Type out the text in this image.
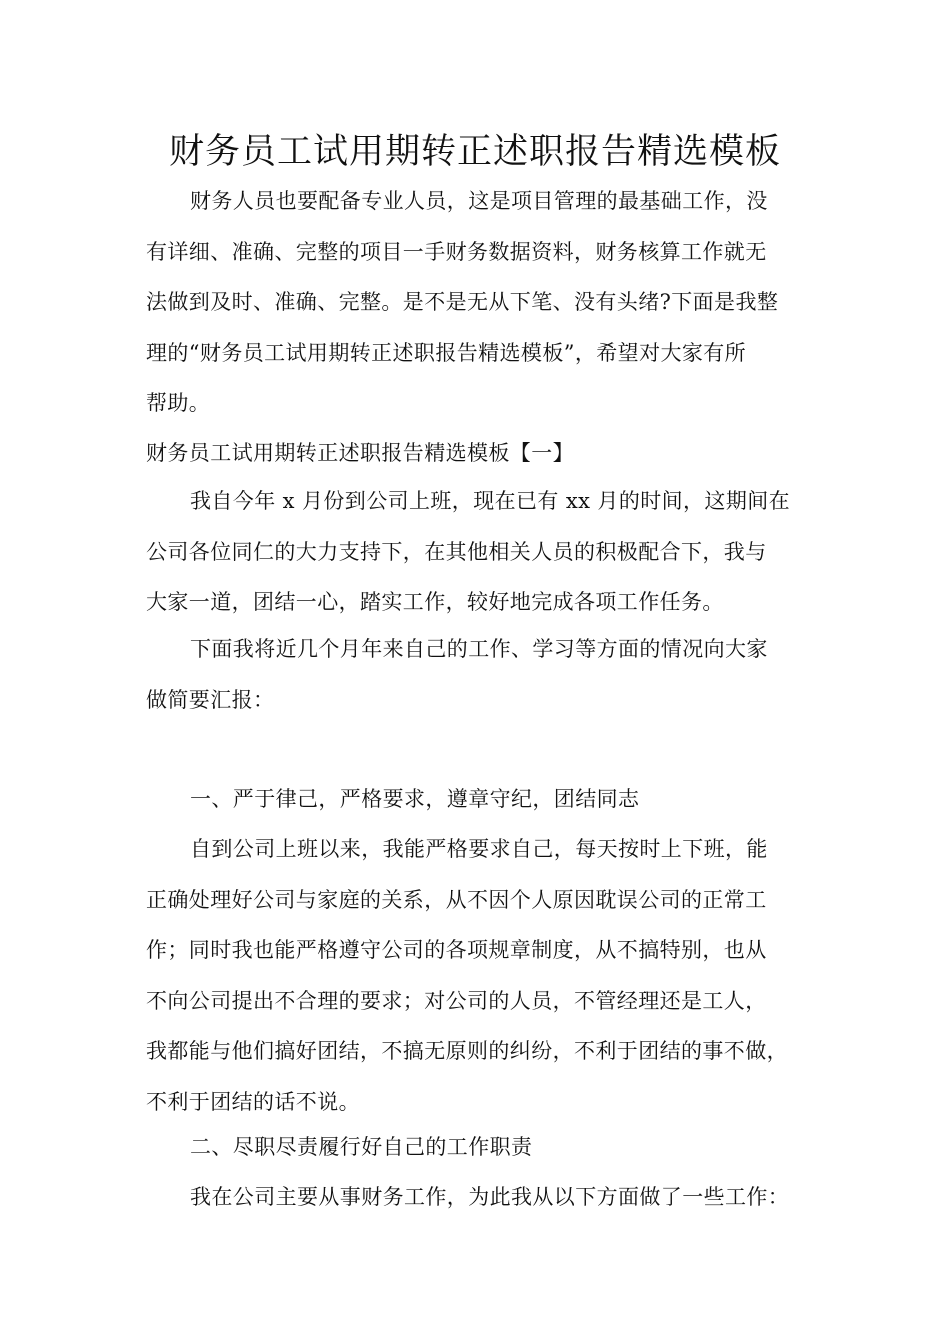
财务员工试用期转正述职报告精选模板

财务人员也要配备专业人员，这是项目管理的最基础工作，没
有详细、准确、完整的项目一手财务数据资料，财务核算工作就无
法做到及时、准确、完整。是不是无从下笔、没有头绪?下面是我整
理的“财务员工试用期转正述职报告精选模板”，希望对大家有所
帮助。

财务员工试用期转正述职报告精选模板【一】

我自今年 x 月份到公司上班，现在已有 xx 月的时间，这期间在
公司各位同仁的大力支持下，在其他相关人员的积极配合下，我与
大家一道，团结一心，踏实工作，较好地完成各项工作任务。

下面我将近几个月年来自己的工作、学习等方面的情况向大家
做简要汇报：

一、严于律己，严格要求，遵章守纪，团结同志

自到公司上班以来，我能严格要求自己，每天按时上下班，能
正确处理好公司与家庭的关系，从不因个人原因耽误公司的正常工
作；同时我也能严格遵守公司的各项规章制度，从不搞特别，也从
不向公司提出不合理的要求；对公司的人员，不管经理还是工人，
我都能与他们搞好团结，不搞无原则的纠纷，不利于团结的事不做，
不利于团结的话不说。

二、尽职尽责履行好自己的工作职责

我在公司主要从事财务工作，为此我从以下方面做了一些工作：
